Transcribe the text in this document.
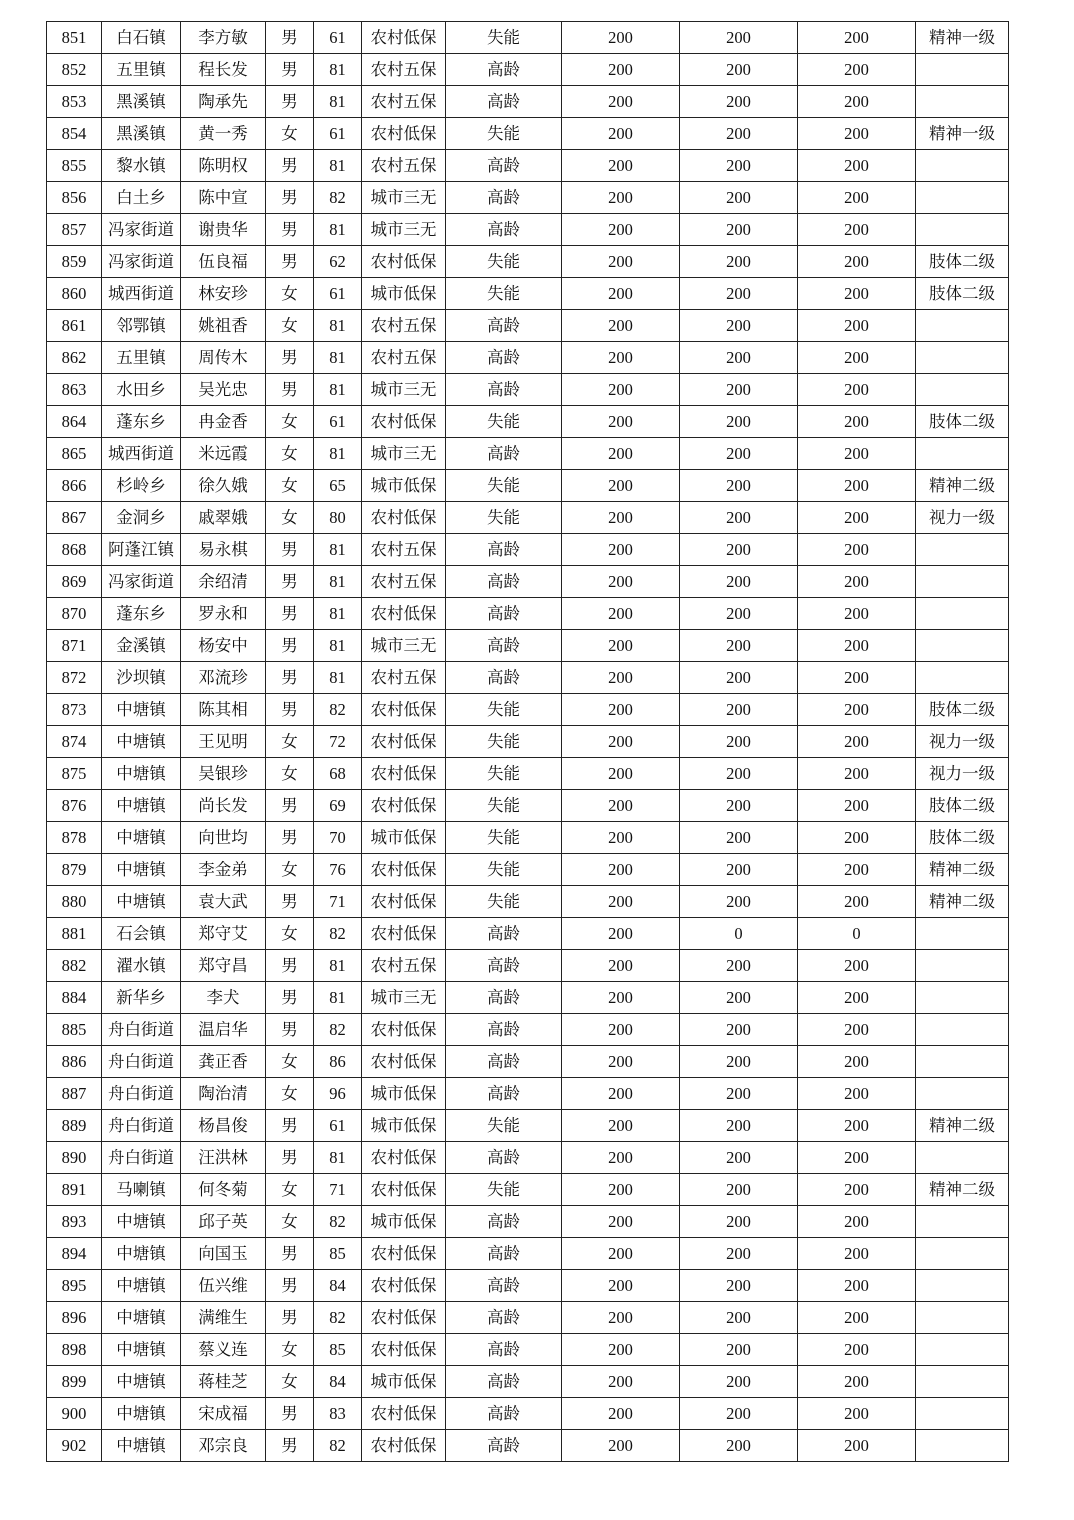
851	白石镇	李方敏	男	61	农村低保	失能	200	200	200	精神一级
852	五里镇	程长发	男	81	农村五保	高龄	200	200	200	
853	黑溪镇	陶承先	男	81	农村五保	高龄	200	200	200	
854	黑溪镇	黄一秀	女	61	农村低保	失能	200	200	200	精神一级
855	黎水镇	陈明权	男	81	农村五保	高龄	200	200	200	
856	白土乡	陈中宣	男	82	城市三无	高龄	200	200	200	
857	冯家街道	谢贵华	男	81	城市三无	高龄	200	200	200	
859	冯家街道	伍良福	男	62	农村低保	失能	200	200	200	肢体二级
860	城西街道	林安珍	女	61	城市低保	失能	200	200	200	肢体二级
861	邻鄂镇	姚祖香	女	81	农村五保	高龄	200	200	200	
862	五里镇	周传木	男	81	农村五保	高龄	200	200	200	
863	水田乡	吴光忠	男	81	城市三无	高龄	200	200	200	
864	蓬东乡	冉金香	女	61	农村低保	失能	200	200	200	肢体二级
865	城西街道	米远霞	女	81	城市三无	高龄	200	200	200	
866	杉岭乡	徐久娥	女	65	城市低保	失能	200	200	200	精神二级
867	金洞乡	戚翠娥	女	80	农村低保	失能	200	200	200	视力一级
868	阿蓬江镇	易永棋	男	81	农村五保	高龄	200	200	200	
869	冯家街道	余绍清	男	81	农村五保	高龄	200	200	200	
870	蓬东乡	罗永和	男	81	农村低保	高龄	200	200	200	
871	金溪镇	杨安中	男	81	城市三无	高龄	200	200	200	
872	沙坝镇	邓流珍	男	81	农村五保	高龄	200	200	200	
873	中塘镇	陈其相	男	82	农村低保	失能	200	200	200	肢体二级
874	中塘镇	王见明	女	72	农村低保	失能	200	200	200	视力一级
875	中塘镇	吴银珍	女	68	农村低保	失能	200	200	200	视力一级
876	中塘镇	尚长发	男	69	农村低保	失能	200	200	200	肢体二级
878	中塘镇	向世均	男	70	城市低保	失能	200	200	200	肢体二级
879	中塘镇	李金弟	女	76	农村低保	失能	200	200	200	精神二级
880	中塘镇	袁大武	男	71	农村低保	失能	200	200	200	精神二级
881	石会镇	郑守艾	女	82	农村低保	高龄	200	0	0	
882	濯水镇	郑守昌	男	81	农村五保	高龄	200	200	200	
884	新华乡	李犬	男	81	城市三无	高龄	200	200	200	
885	舟白街道	温启华	男	82	农村低保	高龄	200	200	200	
886	舟白街道	龚正香	女	86	农村低保	高龄	200	200	200	
887	舟白街道	陶治清	女	96	城市低保	高龄	200	200	200	
889	舟白街道	杨昌俊	男	61	城市低保	失能	200	200	200	精神二级
890	舟白街道	汪洪林	男	81	农村低保	高龄	200	200	200	
891	马喇镇	何冬菊	女	71	农村低保	失能	200	200	200	精神二级
893	中塘镇	邱子英	女	82	城市低保	高龄	200	200	200	
894	中塘镇	向国玉	男	85	农村低保	高龄	200	200	200	
895	中塘镇	伍兴维	男	84	农村低保	高龄	200	200	200	
896	中塘镇	满维生	男	82	农村低保	高龄	200	200	200	
898	中塘镇	蔡义连	女	85	农村低保	高龄	200	200	200	
899	中塘镇	蒋桂芝	女	84	城市低保	高龄	200	200	200	
900	中塘镇	宋成福	男	83	农村低保	高龄	200	200	200	
902	中塘镇	邓宗良	男	82	农村低保	高龄	200	200	200	
